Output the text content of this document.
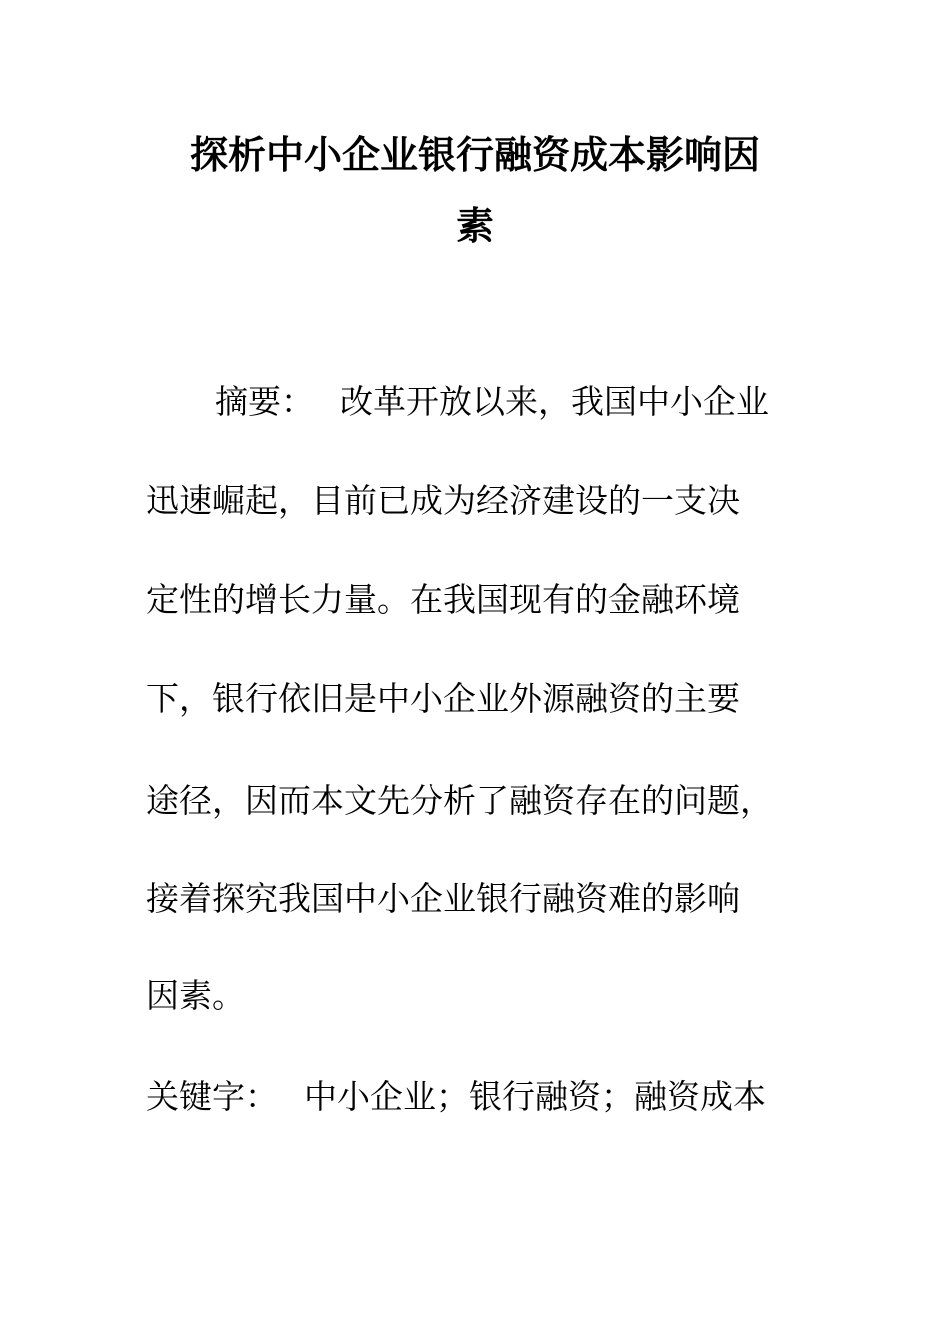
探析中小企业银行融资成本影响因
素
摘要： 改革开放以来，我国中小企业
迅速崛起，目前已成为经济建设的一支决
定性的增长力量。在我国现有的金融环境
下，银行依旧是中小企业外源融资的主要
途径，因而本文先分析了融资存在的问题，
接着探究我国中小企业银行融资难的影响
因素。
关键字： 中小企业；银行融资；融资成本
